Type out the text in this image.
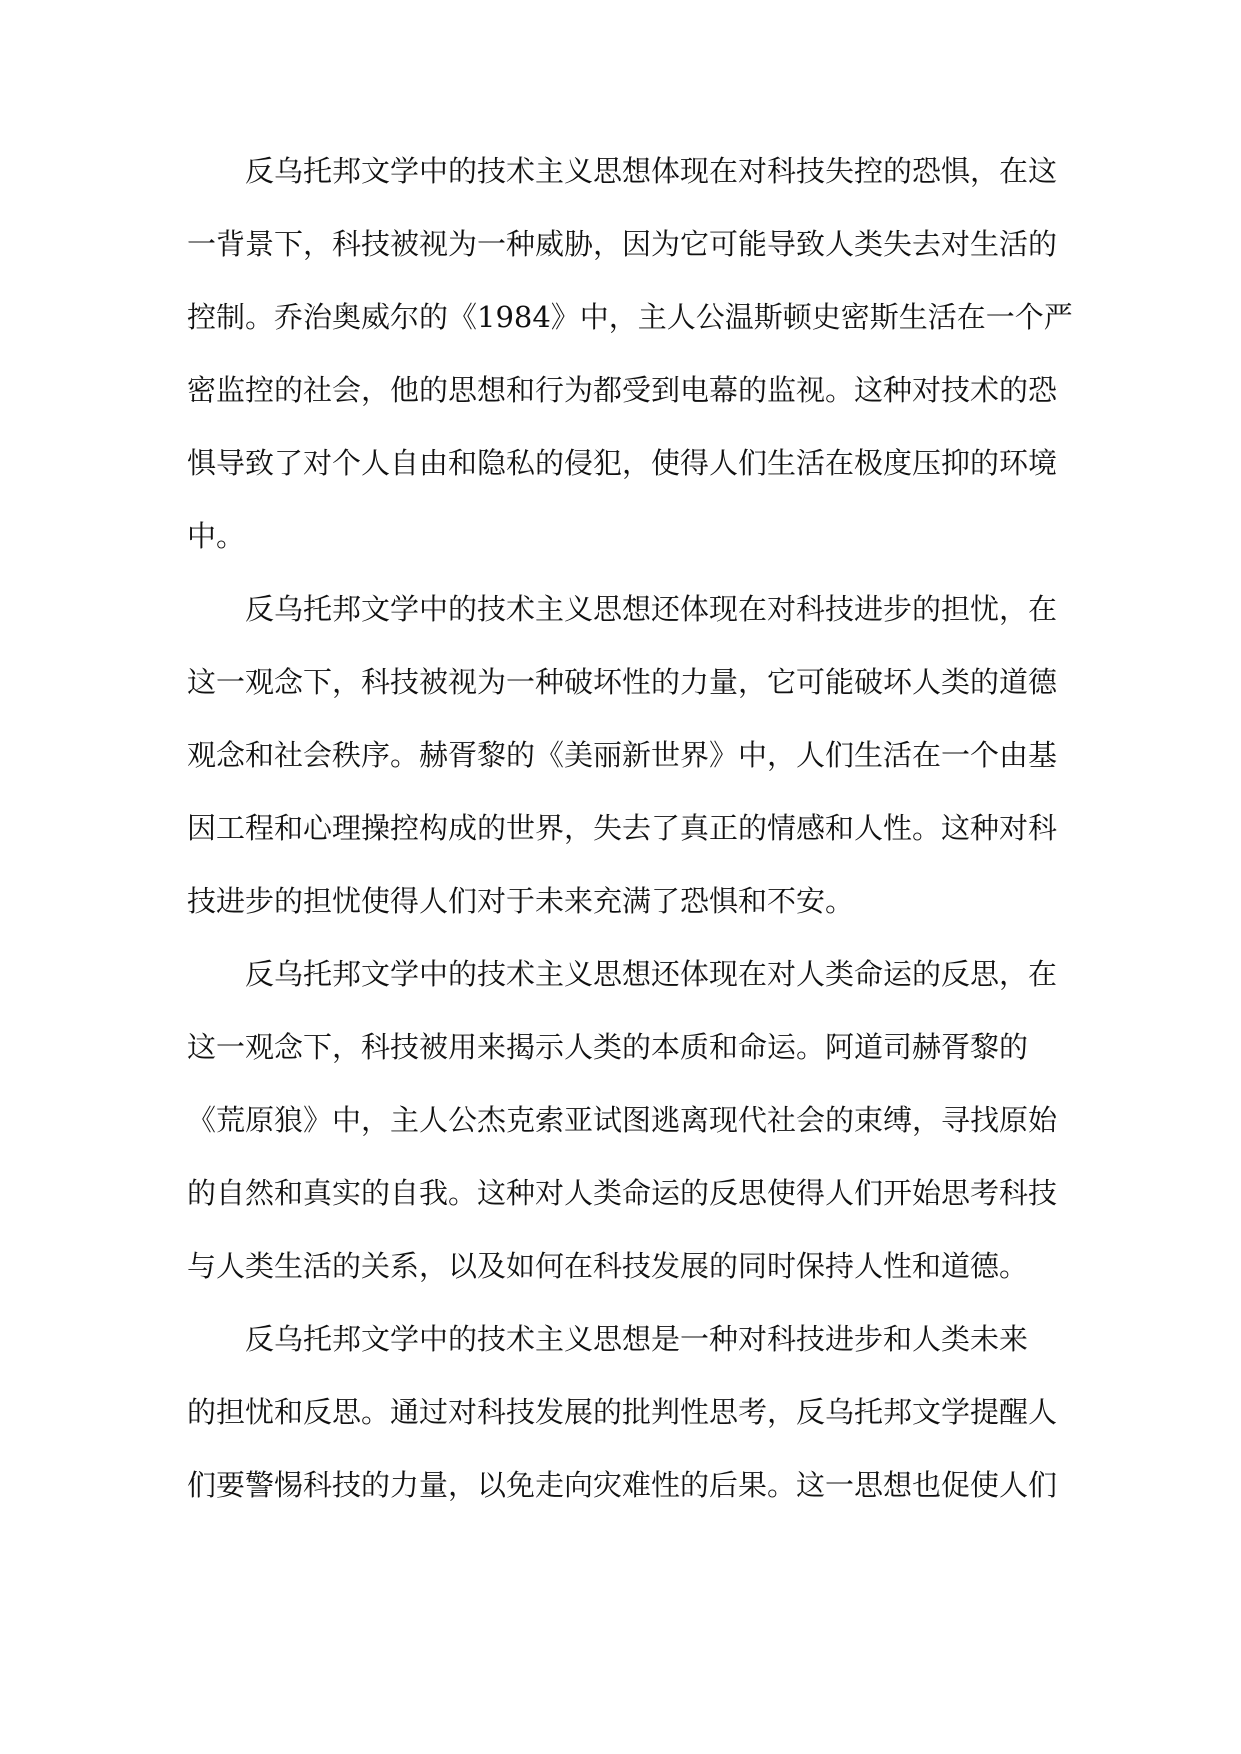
反乌托邦文学中的技术主义思想体现在对科技失控的恐惧，在这
一背景下，科技被视为一种威胁，因为它可能导致人类失去对生活的
控制。乔治奥威尔的《1984》中，主人公温斯顿史密斯生活在一个严
密监控的社会，他的思想和行为都受到电幕的监视。这种对技术的恐
惧导致了对个人自由和隐私的侵犯，使得人们生活在极度压抑的环境
中。
反乌托邦文学中的技术主义思想还体现在对科技进步的担忧，在
这一观念下，科技被视为一种破坏性的力量，它可能破坏人类的道德
观念和社会秩序。赫胥黎的《美丽新世界》中，人们生活在一个由基
因工程和心理操控构成的世界，失去了真正的情感和人性。这种对科
技进步的担忧使得人们对于未来充满了恐惧和不安。
反乌托邦文学中的技术主义思想还体现在对人类命运的反思，在
这一观念下，科技被用来揭示人类的本质和命运。阿道司赫胥黎的
《荒原狼》中，主人公杰克索亚试图逃离现代社会的束缚，寻找原始
的自然和真实的自我。这种对人类命运的反思使得人们开始思考科技
与人类生活的关系，以及如何在科技发展的同时保持人性和道德。
反乌托邦文学中的技术主义思想是一种对科技进步和人类未来
的担忧和反思。通过对科技发展的批判性思考，反乌托邦文学提醒人
们要警惕科技的力量，以免走向灾难性的后果。这一思想也促使人们
